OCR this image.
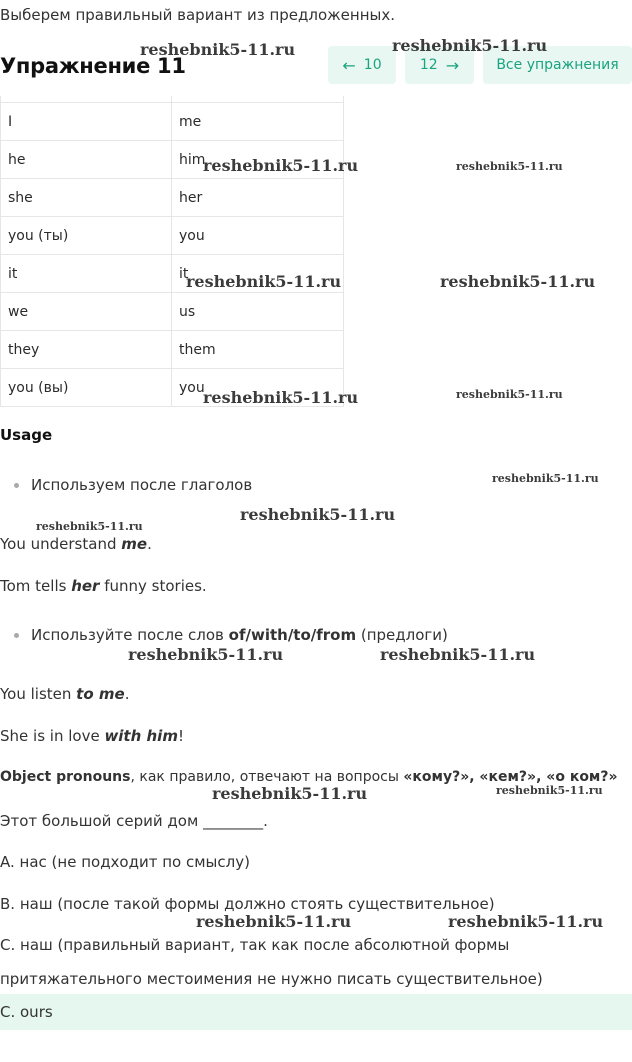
Выберем правильный вариант из предложенных.
Упражнение 11	← 10	12 →	Все упражнения

I	me
he	him
she	her
you (ты)	you
it	it
we	us
they	them
you (вы)	you
Usage
Используем после глаголов
You understand me.
Tom tells her funny stories.
Используйте после слов of/with/to/from (предлоги)
You listen to me.
She is in love with him!
Object pronouns, как правило, отвечают на вопросы «кому?», «кем?», «о ком?»
Этот большой серий дом ________.
A. нас (не подходит по смыслу)
B. наш (после такой формы должно стоять существительное)
C. наш (правильный вариант, так как после абсолютной формы
притяжательного местоимения не нужно писать существительное)
C. ours
reshebnik5-11.ru	reshebnik5-11.ru
reshebnik5-11.ru	reshebnik5-11.ru
reshebnik5-11.ru	reshebnik5-11.ru
reshebnik5-11.ru	reshebnik5-11.ru
reshebnik5-11.ru
reshebnik5-11.ru
reshebnik5-11.ru
reshebnik5-11.ru	reshebnik5-11.ru
reshebnik5-11.ru	reshebnik5-11.ru
reshebnik5-11.ru	reshebnik5-11.ru
